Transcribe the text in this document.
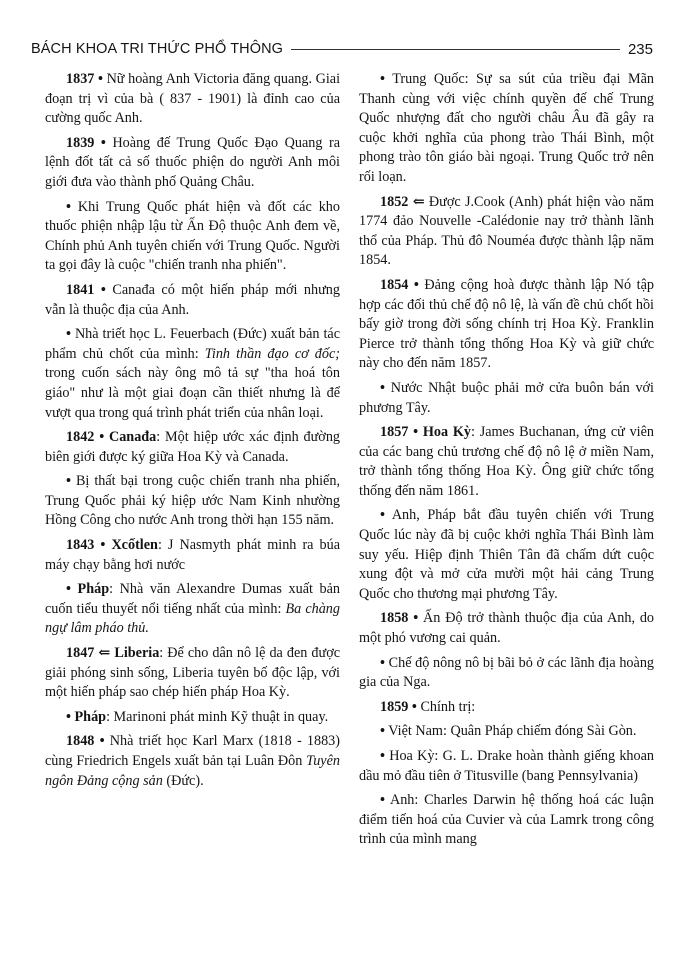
BÁCH KHOA TRI THỨC PHỔ THÔNG	235

1837 • Nữ hoàng Anh Victoria đăng quang. Giai đoạn trị vì của bà ( 837 - 1901) là đỉnh cao của cường quốc Anh.

1839 • Hoàng đế Trung Quốc Đạo Quang ra lệnh đốt tất cả số thuốc phiện do người Anh môi giới đưa vào thành phố Quảng Châu.

• Khi Trung Quốc phát hiện và đốt các kho thuốc phiện nhập lậu từ Ấn Độ thuộc Anh đem về, Chính phủ Anh tuyên chiến với Trung Quốc. Người ta gọi đây là cuộc "chiến tranh nha phiến".

1841 • Canađa có một hiến pháp mới nhưng vẫn là thuộc địa của Anh.

• Nhà triết học L. Feuerbach (Đức) xuất bản tác phẩm chủ chốt của mình: Tinh thần đạo cơ đốc; trong cuốn sách này ông mô tả sự "tha hoá tôn giáo" như là một giai đoạn cần thiết nhưng là để vượt qua trong quá trình phát triển của nhân loại.

1842 • Canađa: Một hiệp ước xác định đường biên giới được ký giữa Hoa Kỳ và Canada.

• Bị thất bại trong cuộc chiến tranh nha phiến, Trung Quốc phải ký hiệp ước Nam Kinh nhường Hồng Công cho nước Anh trong thời hạn 155 năm.

1843 • Xcốtlen: J Nasmyth phát minh ra búa máy chạy bằng hơi nước

• Pháp: Nhà văn Alexandre Dumas xuất bản cuốn tiểu thuyết nổi tiếng nhất của mình: Ba chàng ngự lâm pháo thủ.

1847 ⇐ Liberia: Để cho dân nô lệ da đen được giải phóng sinh sống, Liberia tuyên bố độc lập, với một hiến pháp sao chép hiến pháp Hoa Kỳ.

• Pháp: Marinoni phát minh Kỹ thuật in quay.

1848 • Nhà triết học Karl Marx (1818 - 1883) cùng Friedrich Engels xuất bản tại Luân Đôn Tuyên ngôn Đảng cộng sản (Đức).

• Trung Quốc: Sự sa sút của triều đại Mãn Thanh cùng với việc chính quyền đế chế Trung Quốc nhượng đất cho người châu Âu đã gây ra cuộc khởi nghĩa của phong trào Thái Bình, một phong trào tôn giáo bài ngoại. Trung Quốc trở nên rối loạn.

1852 ⇐ Được J.Cook (Anh) phát hiện vào năm 1774 đảo Nouvelle -Calédonie nay trở thành lãnh thổ của Pháp. Thủ đô Nouméa được thành lập năm 1854.

1854 • Đảng cộng hoà được thành lập Nó tập hợp các đối thủ chế độ nô lệ, là vấn đề chủ chốt hồi bấy giờ trong đời sống chính trị Hoa Kỳ. Franklin Pierce trở thành tổng thống Hoa Kỳ và giữ chức này cho đến năm 1857.

• Nước Nhật buộc phải mở cửa buôn bán với phương Tây.

1857 • Hoa Kỳ: James Buchanan, ứng cử viên của các bang chủ trương chế độ nô lệ ở miền Nam, trở thành tổng thống Hoa Kỳ. Ông giữ chức tổng thống đến năm 1861.

• Anh, Pháp bắt đầu tuyên chiến với Trung Quốc lúc này đã bị cuộc khởi nghĩa Thái Bình làm suy yếu. Hiệp định Thiên Tân đã chấm dứt cuộc xung đột và mở cửa mười một hải cảng Trung Quốc cho thương mại phương Tây.

1858 • Ấn Độ trở thành thuộc địa của Anh, do một phó vương cai quản.

• Chế độ nông nô bị bãi bỏ ở các lãnh địa hoàng gia của Nga.

1859 • Chính trị:

• Việt Nam: Quân Pháp chiếm đóng Sài Gòn.

• Hoa Kỳ: G. L. Drake hoàn thành giếng khoan dầu mỏ đầu tiên ở Titusville (bang Pennsylvania)

• Anh: Charles Darwin hệ thống hoá các luận điểm tiến hoá của Cuvier và của Lamrk trong công trình của mình mang
